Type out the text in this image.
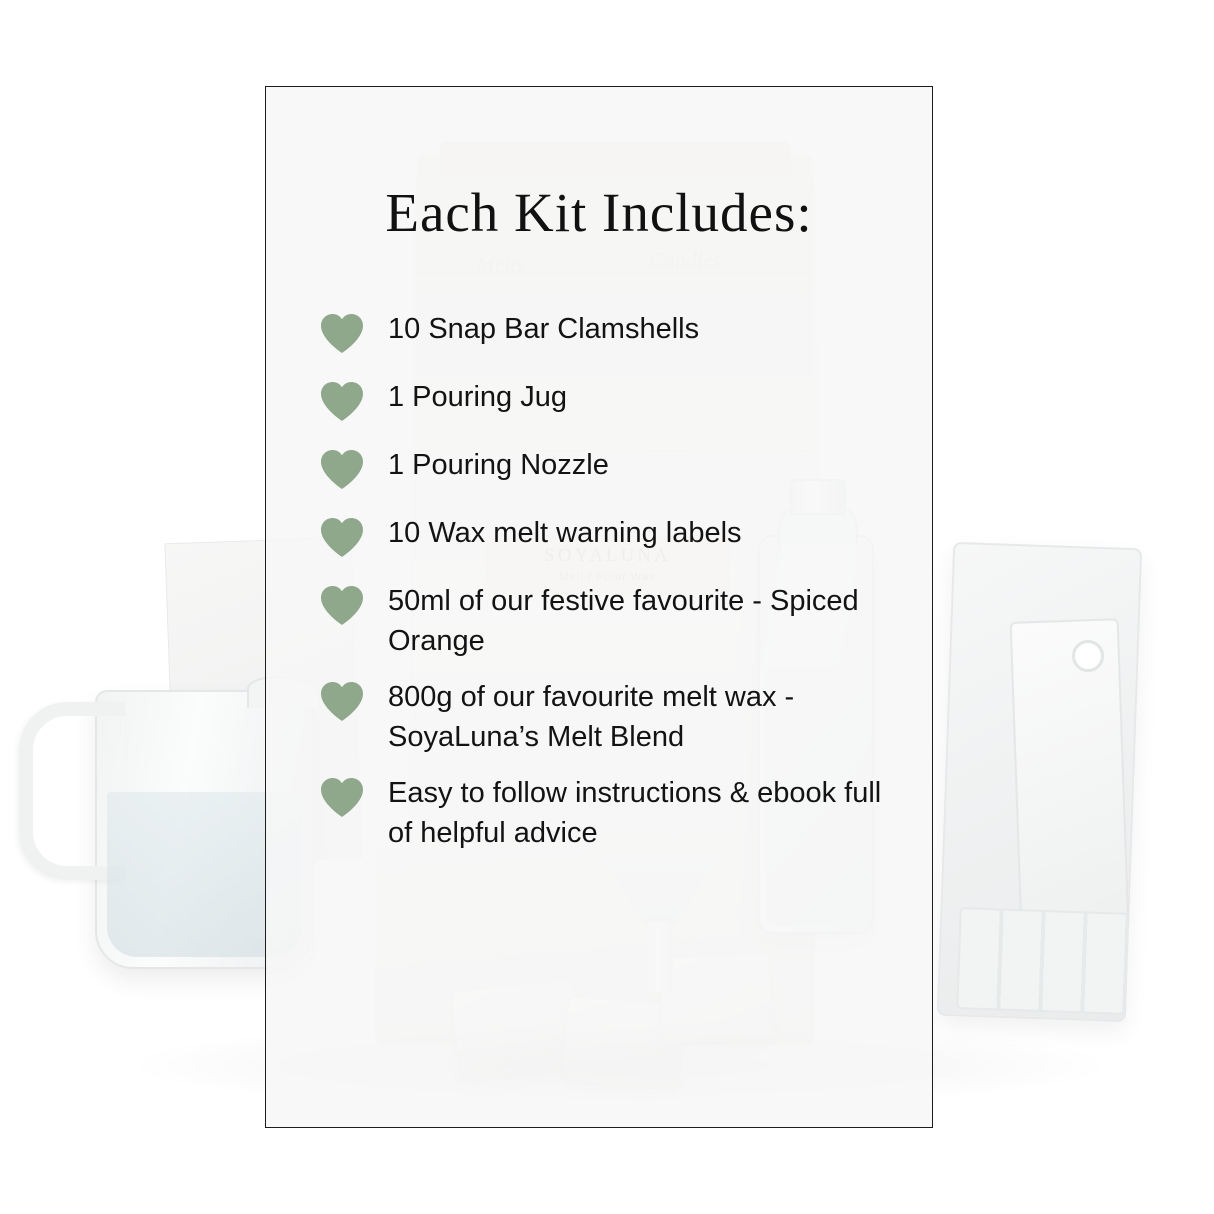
Each Kit Includes:
10 Snap Bar Clamshells
1 Pouring Jug
1 Pouring Nozzle
10 Wax melt warning labels
50ml of our festive favourite - Spiced Orange
800g of our favourite melt wax - SoyaLuna’s Melt Blend
Easy to follow instructions & ebook full of helpful advice
